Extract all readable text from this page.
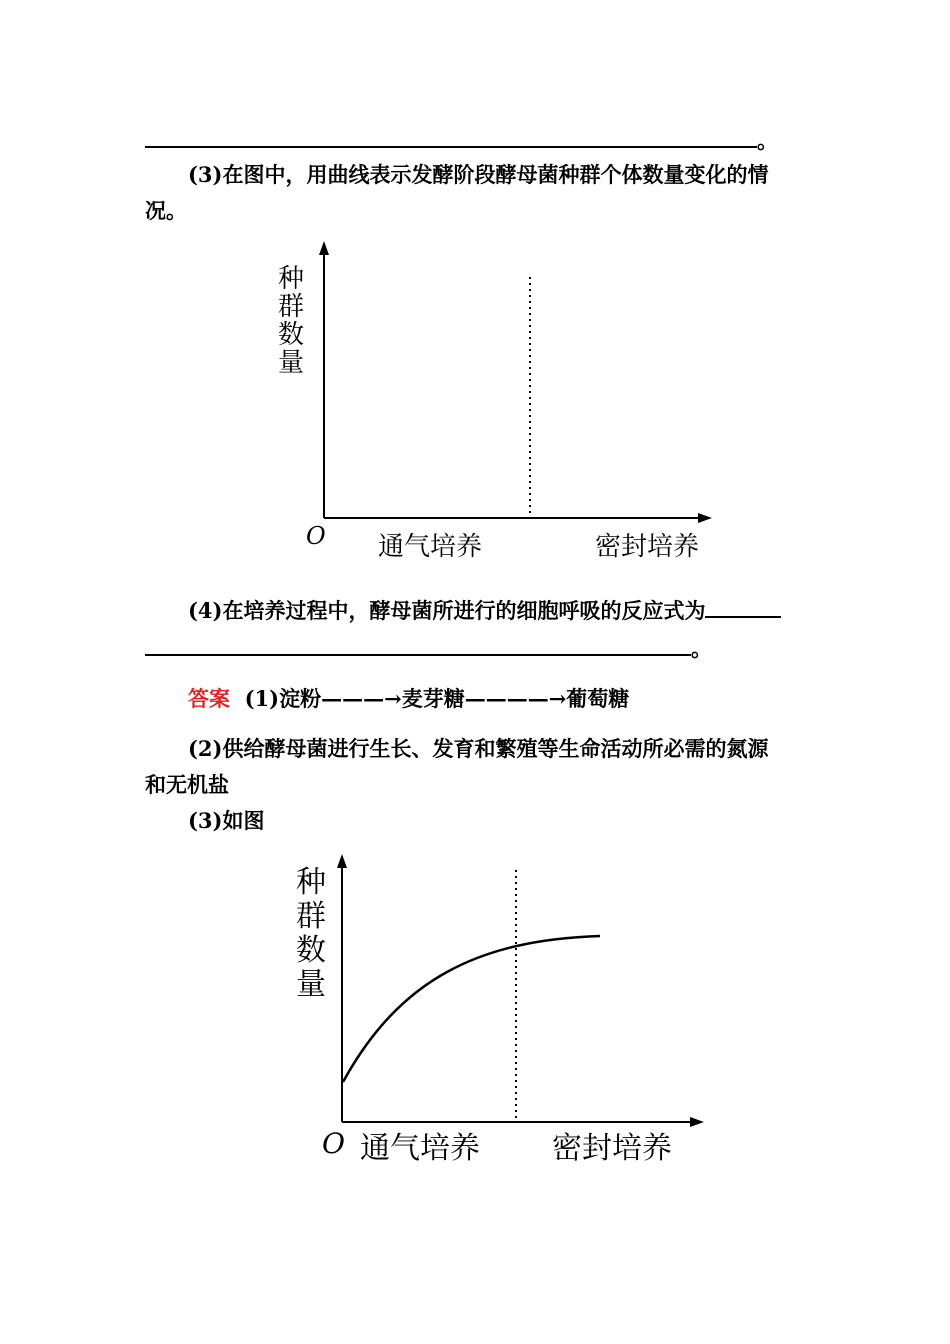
。
(3)在图中，用曲线表示发酵阶段酵母菌种群个体数量变化的情
况。
种
群
数
量
O 通气培养	密封培养
(4)在培养过程中，酵母菌所进行的细胞呼吸的反应式为
。
答案 (1)淀粉———→麦芽糖————→葡萄糖
(2)供给酵母菌进行生长、发育和繁殖等生命活动所必需的氮源
和无机盐
(3)如图
种
群
数
量
O 通气培养 密封培养
